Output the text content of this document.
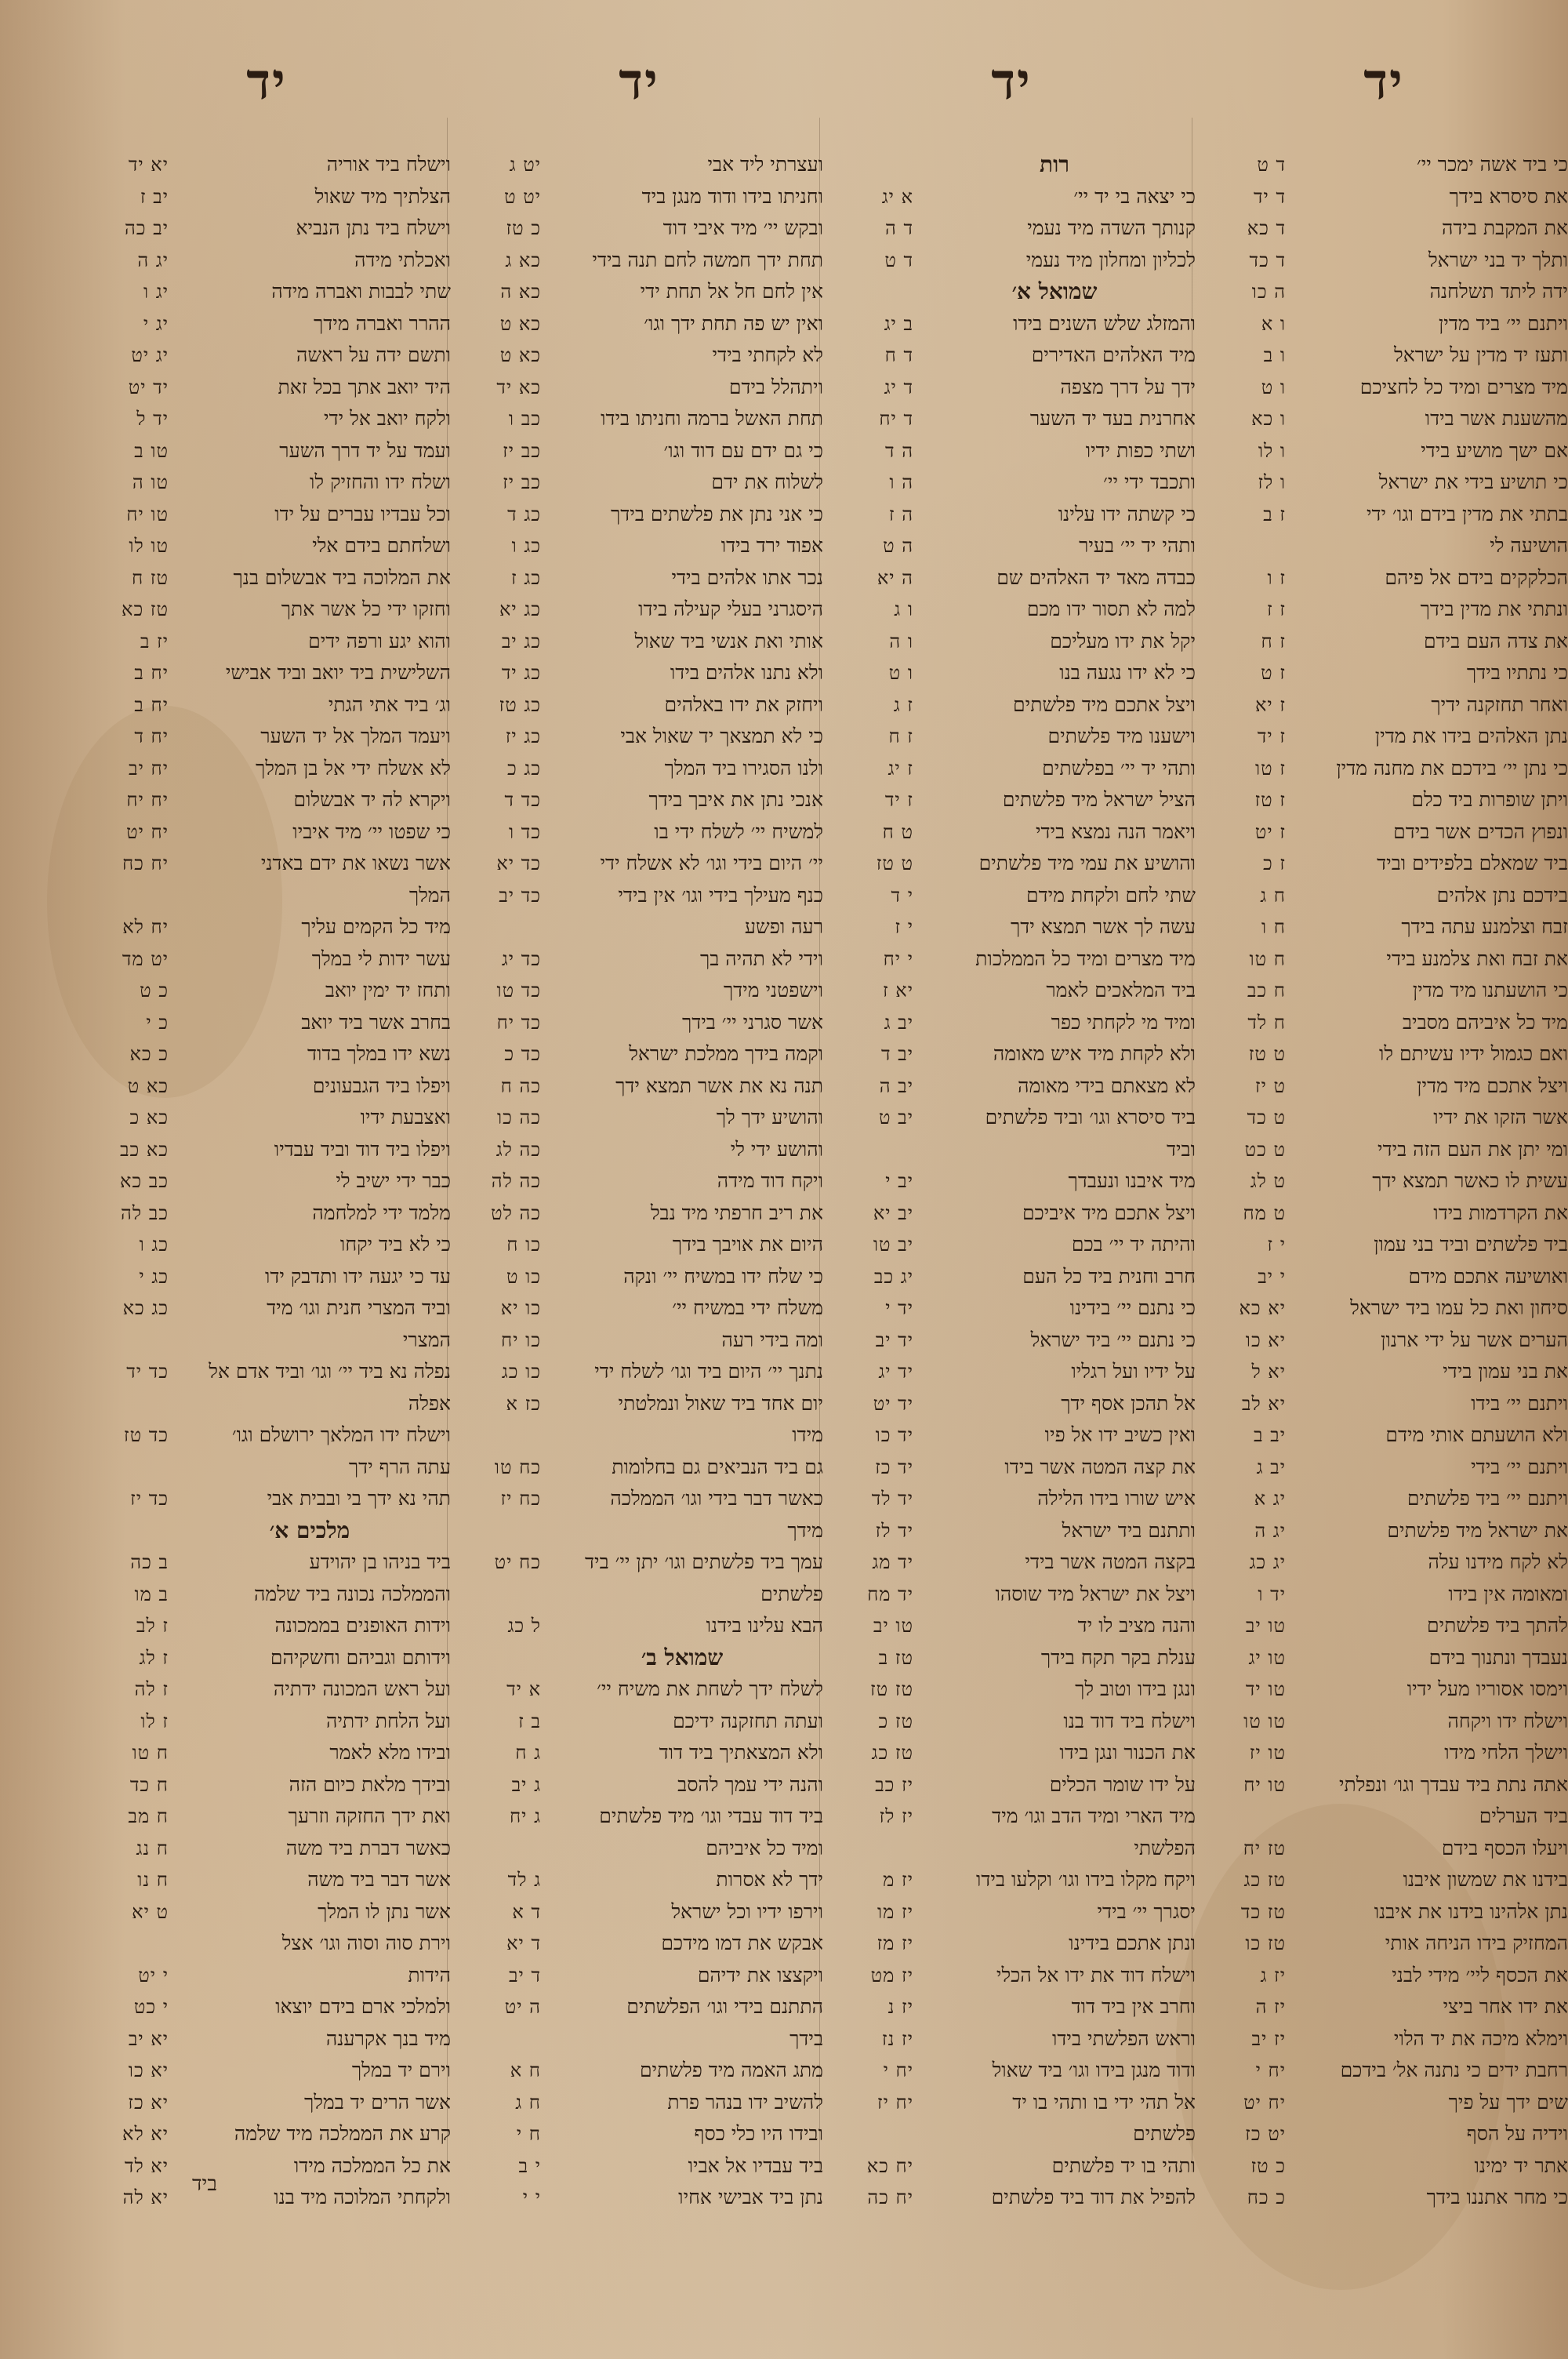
יד
כי ביד אשה ימכר יי׳
ד ט
את סיסרא בידך
ד יד
את המקבת בידה
ד כא
ותלך יד בני ישראל
ד כד
ידה ליתד תשלחנה
ה כו
ויתנם יי׳ ביד מדין
ו א
ותעז יד מדין על ישראל
ו ב
מיד מצרים ומיד כל לחציכם
ו ט
מהשענת אשר בידו
ו כא
אם ישך מושיע בידי
ו לו
כי תושיע בידי את ישראל
ו לז
בתתי את מדין בידם וגו׳ ידי
ז ב
הושיעה לי
הכלקקים בידם אל פיהם
ז ו
ונתתי את מדין בידך
ז ז
את צדה העם בידם
ז ח
כי נתתיו בידך
ז ט
ואחר תחזקנה ידיך
ז יא
נתן האלהים בידו את מדין
ז יד
כי נתן יי׳ בידכם את מחנה מדין
ז טו
ויתן שופרות ביד כלם
ז טז
ונפוץ הכדים אשר בידם
ז יט
ביד שמאלם בלפידים וביד
ז כ
בידכם נתן אלהים
ח ג
זבח וצלמנע עתה בידך
ח ו
את זבח ואת צלמנע בידי
ח טו
כי הושעתנו מיד מדין
ח כב
מיד כל איביהם מסביב
ח לד
ואם כגמול ידיו עשיתם לו
ט טז
ויצל אתכם מיד מדין
ט יז
אשר הזקו את ידיו
ט כד
ומי יתן את העם הזה בידי
ט כט
עשית לו כאשר תמצא ידך
ט לג
את הקרדמות בידו
ט מח
ביד פלשתים וביד בני עמון
י ז
ואושיעה אתכם מידם
י יב
סיחון ואת כל עמו ביד ישראל
יא כא
הערים אשר על ידי ארנון
יא כו
את בני עמון בידי
יא ל
ויתנם יי׳ בידו
יא לב
ולא הושעתם אותי מידם
יב ב
ויתנם יי׳ בידי
יב ג
ויתנם יי׳ ביד פלשתים
יג א
את ישראל מיד פלשתים
יג ה
לא לקח מידנו עלה
יג כג
ומאומה אין בידו
יד ו
להתך ביד פלשתים
טו יב
נעבדך ונתנוך בידם
טו יג
וימסו אסוריו מעל ידיו
טו יד
וישלח ידו ויקחה
טו טו
וישלך הלחי מידו
טו יז
אתה נתת ביד עבדך וגו׳ ונפלתי
טו יח
ביד הערלים
ויעלו הכסף בידם
טז יח
בידנו את שמשון איבנו
טז כג
נתן אלהינו בידנו את איבנו
טז כד
המחזיק בידו הניחה אותי
טז כו
את הכסף ליי׳ מידי לבני
יז ג
את ידו אחר ביצי
יז ה
וימלא מיכה את יד הלוי
יז יב
רחבת ידים כי נתנה אל׳ בידכם
יח י
שים ידך על פיך
יח יט
וידיה על הסף
יט כז
אתר יד ימינו
כ טז
כי מחר אתננו בידך
כ כח
יד
רות
כי יצאה בי יד יי׳
א יג
קנותך השדה מיד נעמי
ד ה
לכליון ומחלון מיד נעמי
ד ט
שמואל א׳
והמזלג שלש השנים בידו
ב יג
מיד האלהים האדירים
ד ח
ידך על דרך מצפה
ד יג
אחרנית בעד יד השער
ד יח
ושתי כפות ידיו
ה ד
ותכבד ידי יי׳
ה ו
כי קשתה ידו עלינו
ה ז
ותהי יד יי׳ בעיר
ה ט
כבדה מאד יד האלהים שם
ה יא
למה לא תסור ידו מכם
ו ג
יקל את ידו מעליכם
ו ה
כי לא ידו נגעה בנו
ו ט
ויצל אתכם מיד פלשתים
ז ג
וישענו מיד פלשתים
ז ח
ותהי יד יי׳ בפלשתים
ז יג
הציל ישראל מיד פלשתים
ז יד
ויאמר הנה נמצא בידי
ט ח
והושיע את עמי מיד פלשתים
ט טז
שתי לחם ולקחת מידם
י ד
עשה לך אשר תמצא ידך
י ז
מיד מצרים ומיד כל הממלכות
י יח
ביד המלאכים לאמר
יא ז
ומיד מי לקחתי כפר
יב ג
ולא לקחת מיד איש מאומה
יב ד
לא מצאתם בידי מאומה
יב ה
ביד סיסרא וגו׳ וביד פלשתים
יב ט
וביד
מיד איבנו ונעבדך
יב י
ויצל אתכם מיד איביכם
יב יא
והיתה יד יי׳ בכם
יב טו
חרב וחנית ביד כל העם
יג כב
כי נתנם יי׳ בידינו
יד י
כי נתנם יי׳ ביד ישראל
יד יב
על ידיו ועל רגליו
יד יג
אל תהכן אסף ידך
יד יט
ואין כשיב ידו אל פיו
יד כו
את קצה המטה אשר בידו
יד כז
איש שורו בידו הלילה
יד לד
ותתנם ביד ישראל
יד לז
בקצה המטה אשר בידי
יד מג
ויצל את ישראל מיד שוסהו
יד מח
והנה מציב לו יד
טו יב
ענלת בקר תקח בידך
טז ב
ונגן בידו וטוב לך
טז טז
וישלח ביד דוד בנו
טז כ
את הכנור ונגן בידו
טז כג
על ידו שומר הכלים
יז כב
מיד הארי ומיד הדב וגו׳ מיד
יז לז
הפלשתי
ויקח מקלו בידו וגו׳ וקלעו בידו
יז מ
יסגרך יי׳ בידי
יז מו
ונתן אתכם בידינו
יז מז
וישלח דוד את ידו אל הכלי
יז מט
וחרב אין ביד דוד
יז נ
וראש הפלשתי בידו
יז נז
ודוד מנגן בידו וגו׳ ביד שאול
יח י
אל תהי ידי בו ותהי בו יד
יח יז
פלשתים
ותהי בו יד פלשתים
יח כא
להפיל את דוד ביד פלשתים
יח כה
יד
ועצרתי ליד אבי
יט ג
וחניתו בידו ודוד מנגן ביד
יט ט
ובקש יי׳ מיד איבי דוד
כ טז
תחת ידך חמשה לחם תנה בידי
כא ג
אין לחם חל אל תחת ידי
כא ה
ואין יש פה תחת ידך וגו׳
כא ט
לא לקחתי בידי
כא ט
ויתהלל בידם
כא יד
תחת האשל ברמה וחניתו בידו
כב ו
כי גם ידם עם דוד וגו׳
כב יז
לשלוח את ידם
כב יז
כי אני נתן את פלשתים בידך
כג ד
אפוד ירד בידו
כג ו
נכר אתו אלהים בידי
כג ז
היסגרני בעלי קעילה בידו
כג יא
אותי ואת אנשי ביד שאול
כג יב
ולא נתנו אלהים בידו
כג יד
ויחזק את ידו באלהים
כג טז
כי לא תמצאך יד שאול אבי
כג יז
ולנו הסגירו ביד המלך
כג כ
אנכי נתן את איבך בידך
כד ד
למשיח יי׳ לשלח ידי בו
כד ו
יי׳ היום בידי וגו׳ לא אשלח ידי
כד יא
כנף מעילך בידי וגו׳ אין בידי
כד יב
רעה ופשע
וידי לא תהיה בך
כד יג
וישפטני מידך
כד טו
אשר סגרני יי׳ בידך
כד יח
וקמה בידך ממלכת ישראל
כד כ
תנה נא את אשר תמצא ידך
כה ח
והושיע ידך לך
כה כו
והושע ידי לי
כה לג
ויקח דוד מידה
כה לה
את ריב חרפתי מיד נבל
כה לט
היום את אויבך בידך
כו ח
כי שלח ידו במשיח יי׳ ונקה
כו ט
משלח ידי במשיח יי׳
כו יא
ומה בידי רעה
כו יח
נתנך יי׳ היום ביד וגו׳ לשלח ידי
כו כג
יום אחד ביד שאול ונמלטתי
כז א
מידו
גם ביד הנביאים גם בחלומות
כח טו
כאשר דבר בידי וגו׳ הממלכה
כח יז
מידך
עמך ביד פלשתים וגו׳ יתן יי׳ ביד
כח יט
פלשתים
הבא עלינו בידנו
ל כג
שמואל ב׳
לשלח ידך לשחת את משיח יי׳
א יד
ועתה תחזקנה ידיכם
ב ז
ולא המצאתיך ביד דוד
ג ח
והנה ידי עמך להסב
ג יב
ביד דוד עבדי וגו׳ מיד פלשתים
ג יח
ומיד כל איביהם
ידך לא אסרות
ג לד
וירפו ידיו וכל ישראל
ד א
אבקש את דמו מידכם
ד יא
ויקצצו את ידיהם
ד יב
התתנם בידי וגו׳ הפלשתים
ה יט
בידך
מתג האמה מיד פלשתים
ח א
להשיב ידו בנהר פרת
ח ג
ובידו היו כלי כסף
ח י
ביד עבדיו אל אביו
י ב
נתן ביד אבישי אחיו
י י
יד
וישלח ביד אוריה
יא יד
הצלתיך מיד שאול
יב ז
וישלח ביד נתן הנביא
יב כה
ואכלתי מידה
יג ה
שתי לבבות ואברה מידה
יג ו
ההרר ואברה מידך
יג י
ותשם ידה על ראשה
יג יט
היד יואב אתך בכל זאת
יד יט
ולקח יואב אל ידי
יד ל
ועמד על יד דרך השער
טו ב
ושלח ידו והחזיק לו
טו ה
וכל עבדיו עברים על ידו
טו יח
ושלחתם בידם אלי
טו לו
את המלוכה ביד אבשלום בנך
טז ח
וחזקו ידי כל אשר אתך
טז כא
והוא יגע ורפה ידים
יז ב
השלישית ביד יואב וביד אבישי
יח ב
וג׳ ביד אתי הגתי
יח ב
ויעמד המלך אל יד השער
יח ד
לא אשלח ידי אל בן המלך
יח יב
ויקרא לה יד אבשלום
יח יח
כי שפטו יי׳ מיד איביו
יח יט
אשר נשאו את ידם באדני
יח כח
המלך
מיד כל הקמים עליך
יח לא
עשר ידות לי במלך
יט מד
ותחז יד ימין יואב
כ ט
בחרב אשר ביד יואב
כ י
נשא ידו במלך בדוד
כ כא
ויפלו ביד הגבעונים
כא ט
ואצבעת ידיו
כא כ
ויפלו ביד דוד וביד עבדיו
כא כב
כבר ידי ישיב לי
כב כא
מלמד ידי למלחמה
כב לה
כי לא ביד יקחו
כג ו
עד כי יגעה ידו ותדבק ידו
כג י
וביד המצרי חנית וגו׳ מיד
כג כא
המצרי
נפלה נא ביד יי׳ וגו׳ וביד אדם אל
כד יד
אפלה
וישלח ידו המלאך ירושלם וגו׳
כד טז
עתה הרף ידך
תהי נא ידך בי ובבית אבי
כד יז
מלכים א׳
ביד בניהו בן יהוידע
ב כה
והממלכה נכונה ביד שלמה
ב מו
וידות האופנים בממכונה
ז לב
וידותם וגביהם וחשקיהם
ז לג
ועל ראש המכונה ידתיה
ז לה
ועל הלחת ידתיה
ז לו
ובידו מלא לאמר
ח טו
ובידך מלאת כיום הזה
ח כד
ואת ידך החזקה וזרעך
ח מב
כאשר דברת ביד משה
ח נג
אשר דבר ביד משה
ח נו
אשר נתן לו המלך
ט יא
וירת סוה וסוה וגו׳ אצל
הידות
י יט
ולמלכי ארם בידם יוצאו
י כט
מיד בנך אקרענה
יא יב
וירם יד במלך
יא כו
אשר הרים יד במלך
יא כז
קרע את הממלכה מיד שלמה
יא לא
את כל הממלכה מידו
יא לד
ולקחתי המלוכה מיד בנו
יא לה
ביד
